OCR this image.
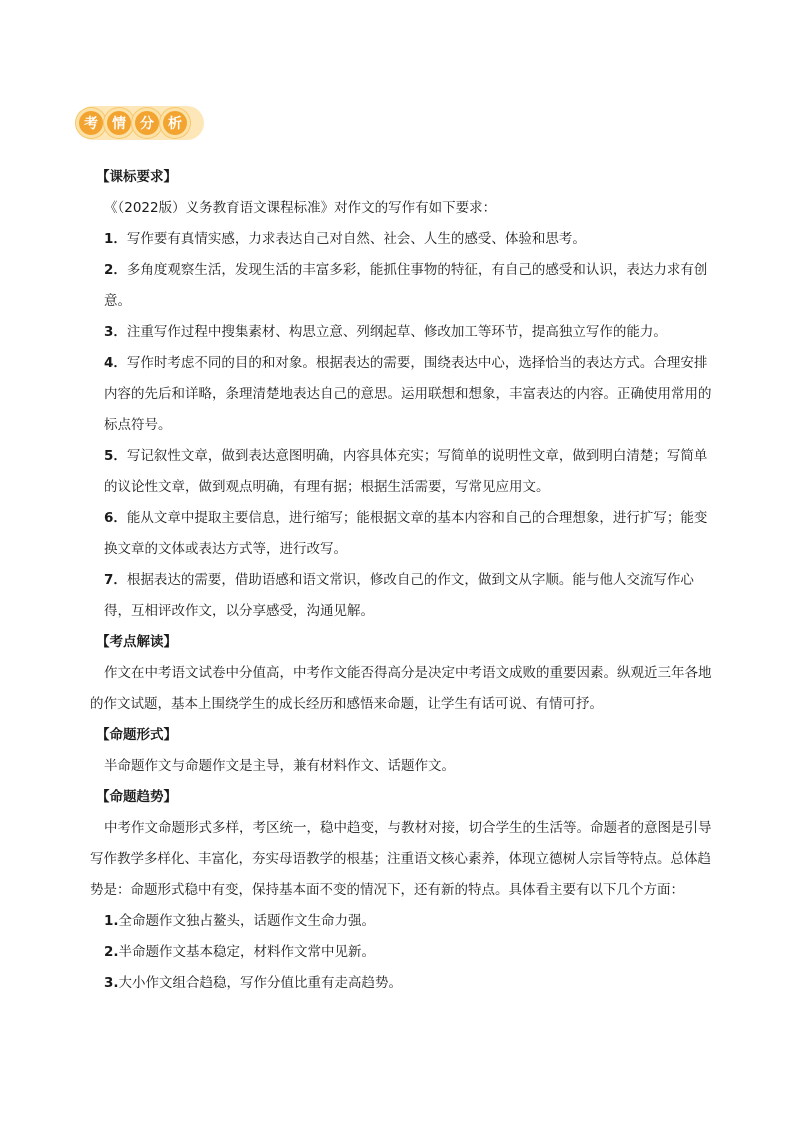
考	情	分	析

【课标要求】

《（2022版）义务教育语文课程标准》对作文的写作有如下要求：

1．写作要有真情实感，力求表达自己对自然、社会、人生的感受、体验和思考。

2．多角度观察生活，发现生活的丰富多彩，能抓住事物的特征，有自己的感受和认识，表达力求有创意。

3．注重写作过程中搜集素材、构思立意、列纲起草、修改加工等环节，提高独立写作的能力。

4．写作时考虑不同的目的和对象。根据表达的需要，围绕表达中心，选择恰当的表达方式。合理安排内容的先后和详略，条理清楚地表达自己的意思。运用联想和想象，丰富表达的内容。正确使用常用的标点符号。

5．写记叙性文章，做到表达意图明确，内容具体充实；写简单的说明性文章，做到明白清楚；写简单的议论性文章，做到观点明确，有理有据；根据生活需要，写常见应用文。

6．能从文章中提取主要信息，进行缩写；能根据文章的基本内容和自己的合理想象，进行扩写；能变换文章的文体或表达方式等，进行改写。

7．根据表达的需要，借助语感和语文常识，修改自己的作文，做到文从字顺。能与他人交流写作心得，互相评改作文，以分享感受，沟通见解。

【考点解读】

作文在中考语文试卷中分值高，中考作文能否得高分是决定中考语文成败的重要因素。纵观近三年各地的作文试题，基本上围绕学生的成长经历和感悟来命题，让学生有话可说、有情可抒。

【命题形式】

半命题作文与命题作文是主导，兼有材料作文、话题作文。

【命题趋势】

中考作文命题形式多样，考区统一，稳中趋变，与教材对接，切合学生的生活等。命题者的意图是引导写作教学多样化、丰富化，夯实母语教学的根基；注重语文核心素养，体现立德树人宗旨等特点。总体趋势是：命题形式稳中有变，保持基本面不变的情况下，还有新的特点。具体看主要有以下几个方面：

1.全命题作文独占鳌头，话题作文生命力强。

2.半命题作文基本稳定，材料作文常中见新。

3.大小作文组合趋稳，写作分值比重有走高趋势。
